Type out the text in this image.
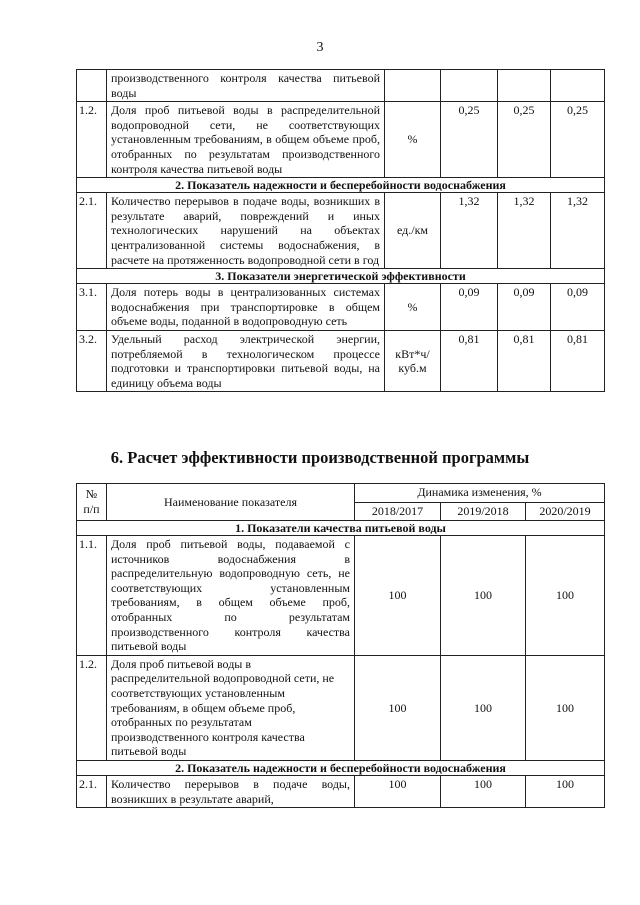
3
	производственного контроля качества питьевой воды				
1.2.	Доля проб питьевой воды в распределительной водопроводной сети, не соответствующих установленным требованиям, в общем объеме проб, отобранных по результатам производственного контроля качества питьевой воды	%	0,25	0,25	0,25
2. Показатель надежности и бесперебойности водоснабжения					
2.1.	Количество перерывов в подаче воды, возникших в результате аварий, повреждений и иных технологических нарушений на объектах централизованной системы водоснабжения, в расчете на протяженность водопроводной сети в год	ед./км	1,32	1,32	1,32
3. Показатели энергетической эффективности					
3.1.	Доля потерь воды в централизованных системах водоснабжения при транспортировке в общем объеме воды, поданной в водопроводную сеть	%	0,09	0,09	0,09
3.2.	Удельный расход электрической энергии, потребляемой в технологическом процессе подготовки и транспортировки питьевой воды, на единицу объема воды	кВт*ч/ куб.м	0,81	0,81	0,81
6. Расчет эффективности производственной программы
№
п/п	Наименование показателя	Динамика изменения, %		
		2018/2017	2019/2018	2020/2019
1. Показатели качества питьевой воды				
1.1.	Доля проб питьевой воды, подаваемой с источников водоснабжения в распределительную водопроводную сеть, не соответствующих установленным требованиям, в общем объеме проб, отобранных по результатам производственного контроля качества питьевой воды	100	100	100
1.2.	Доля проб питьевой воды в распределительной водопроводной сети, не соответствующих установленным требованиям, в общем объеме проб, отобранных по результатам производственного контроля качества питьевой воды	100	100	100
2. Показатель надежности и бесперебойности водоснабжения				
2.1.	Количество перерывов в подаче воды, возникших в результате аварий,	100	100	100
